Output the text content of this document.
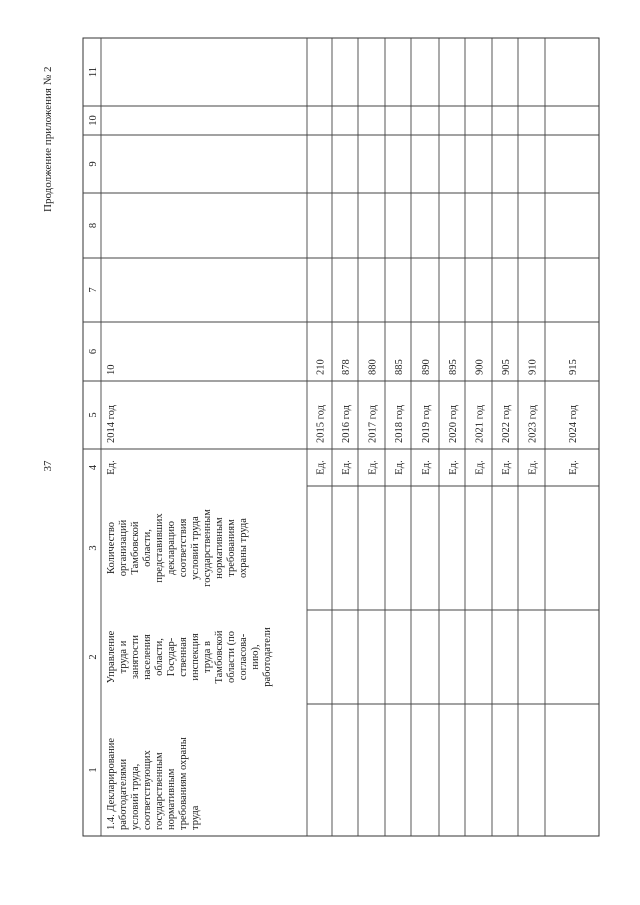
37
Продолжение приложения № 2
1
2
3
4
5
6
7
8
9
10
11
1.4. Декларирование работодателями условий труда, соответствующих государственным нормативным требованиям охраны труда
Управление труда и занятости населения области, Государ- ственная инспекция труда в Тамбовской области (по согласова- нию), работодатели
Количество организаций Тамбовской области, представивших декларацию соответствия условий труда государственным нормативным требованиям охраны труда
Ед.
2014 год
10
Ед.
2015 год
210
Ед.
2016 год
878
Ед.
2017 год
880
Ед.
2018 год
885
Ед.
2019 год
890
Ед.
2020 год
895
Ед.
2021 год
900
Ед.
2022 год
905
Ед.
2023 год
910
Ед.
2024 год
915
